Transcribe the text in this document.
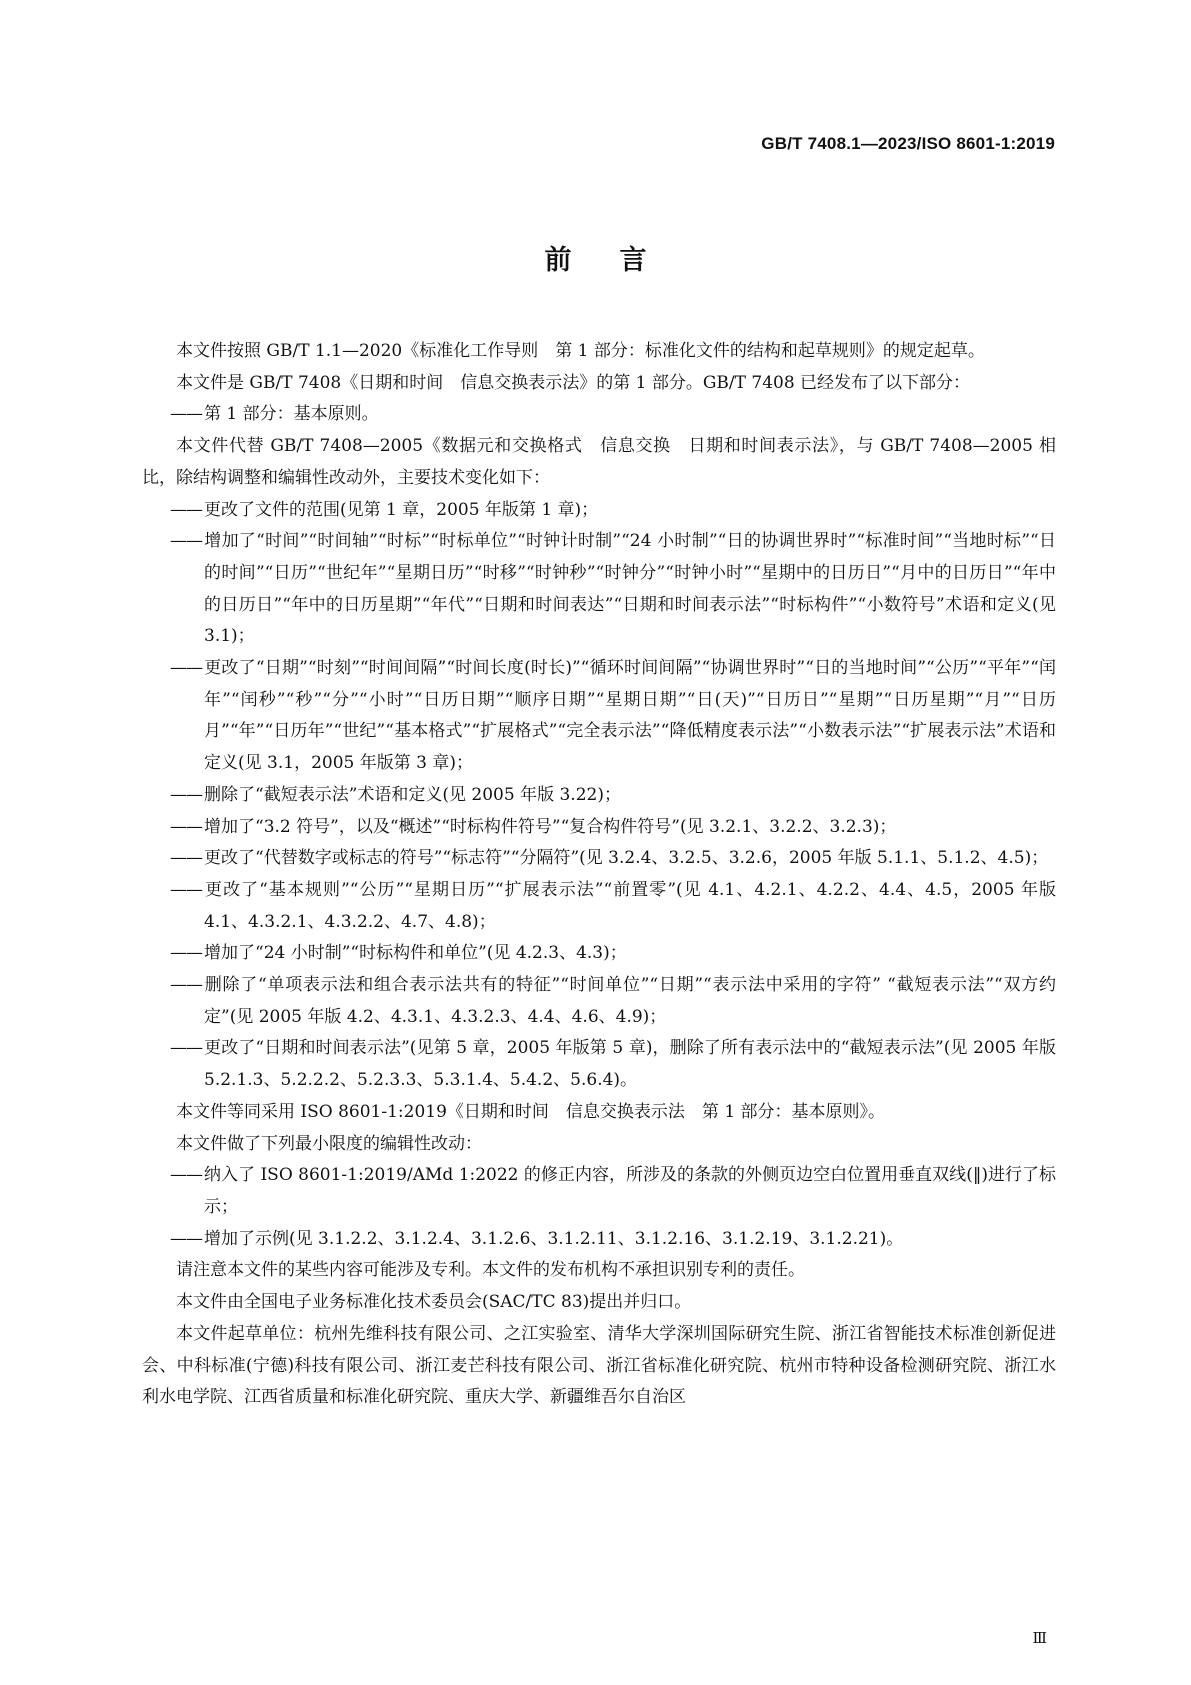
GB/T 7408.1—2023/ISO 8601-1:2019
前言

本文件按照 GB/T 1.1—2020《标准化工作导则　第 1 部分：标准化文件的结构和起草规则》的规定起草。

本文件是 GB/T 7408《日期和时间　信息交换表示法》的第 1 部分。GB/T 7408 已经发布了以下部分：

—— 第 1 部分：基本原则。

本文件代替 GB/T 7408—2005《数据元和交换格式　信息交换　日期和时间表示法》，与 GB/T 7408—2005 相比，除结构调整和编辑性改动外，主要技术变化如下：

—— 更改了文件的范围(见第 1 章，2005 年版第 1 章)；

—— 增加了“时间”“时间轴”“时标”“时标单位”“时钟计时制”“24 小时制”“日的协调世界时”“标准时间”“当地时标”“日的时间”“日历”“世纪年”“星期日历”“时移”“时钟秒”“时钟分”“时钟小时”“星期中的日历日”“月中的日历日”“年中的日历日”“年中的日历星期”“年代”“日期和时间表达”“日期和时间表示法”“时标构件”“小数符号”术语和定义(见 3.1)；

—— 更改了“日期”“时刻”“时间间隔”“时间长度(时长)”“循环时间间隔”“协调世界时”“日的当地时间”“公历”“平年”“闰年”“闰秒”“秒”“分”“小时”“日历日期”“顺序日期”“星期日期”“日(天)”“日历日”“星期”“日历星期”“月”“日历月”“年”“日历年”“世纪”“基本格式”“扩展格式”“完全表示法”“降低精度表示法”“小数表示法”“扩展表示法”术语和定义(见 3.1，2005 年版第 3 章)；

—— 删除了“截短表示法”术语和定义(见 2005 年版 3.22)；

—— 增加了“3.2 符号”，以及“概述”“时标构件符号”“复合构件符号”(见 3.2.1、3.2.2、3.2.3)；

—— 更改了“代替数字或标志的符号”“标志符”“分隔符”(见 3.2.4、3.2.5、3.2.6，2005 年版 5.1.1、5.1.2、4.5)；

—— 更改了“基本规则”“公历”“星期日历”“扩展表示法”“前置零”(见 4.1、4.2.1、4.2.2、4.4、4.5，2005 年版 4.1、4.3.2.1、4.3.2.2、4.7、4.8)；

—— 增加了“24 小时制”“时标构件和单位”(见 4.2.3、4.3)；

—— 删除了“单项表示法和组合表示法共有的特征”“时间单位”“日期”“表示法中采用的字符” “截短表示法”“双方约定”(见 2005 年版 4.2、4.3.1、4.3.2.3、4.4、4.6、4.9)；

—— 更改了“日期和时间表示法”(见第 5 章，2005 年版第 5 章)，删除了所有表示法中的“截短表示法”(见 2005 年版 5.2.1.3、5.2.2.2、5.2.3.3、5.3.1.4、5.4.2、5.6.4)。

本文件等同采用 ISO 8601-1:2019《日期和时间　信息交换表示法　第 1 部分：基本原则》。

本文件做了下列最小限度的编辑性改动：

—— 纳入了 ISO 8601-1:2019/AMd 1:2022 的修正内容，所涉及的条款的外侧页边空白位置用垂直双线(‖)进行了标示；

—— 增加了示例(见 3.1.2.2、3.1.2.4、3.1.2.6、3.1.2.11、3.1.2.16、3.1.2.19、3.1.2.21)。

请注意本文件的某些内容可能涉及专利。本文件的发布机构不承担识别专利的责任。

本文件由全国电子业务标准化技术委员会(SAC/TC 83)提出并归口。

本文件起草单位：杭州先维科技有限公司、之江实验室、清华大学深圳国际研究生院、浙江省智能技术标准创新促进会、中科标准(宁德)科技有限公司、浙江麦芒科技有限公司、浙江省标准化研究院、杭州市特种设备检测研究院、浙江水利水电学院、江西省质量和标准化研究院、重庆大学、新疆维吾尔自治区

Ⅲ
